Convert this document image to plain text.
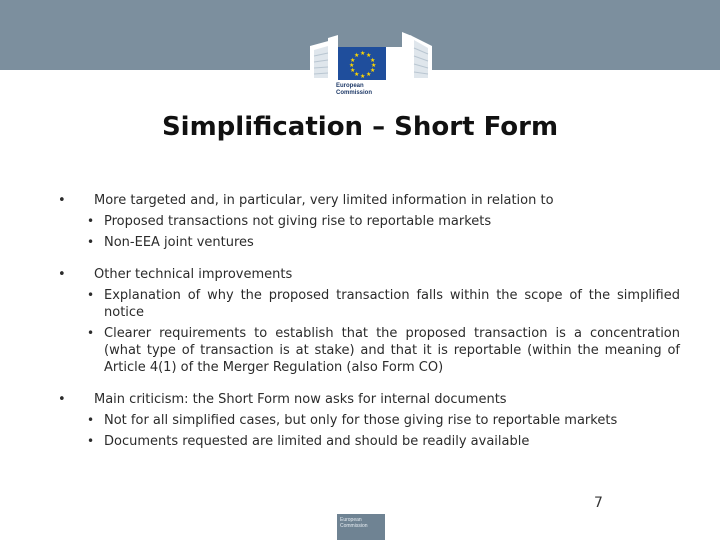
★ ★
★
★
★
★
★
★
★
★
★
★
European
Commission
Simplification – Short Form
•	More targeted and, in particular, very limited information in relation to
• Proposed transactions not giving rise to reportable markets
• Non-EEA joint ventures
•	Other technical improvements
• Explanation of why the proposed transaction falls within the scope of the simplified notice
• Clearer requirements to establish that the proposed transaction is a concentration (what type of transaction is at stake) and that it is reportable (within the meaning of Article 4(1) of the Merger Regulation (also Form CO)
•	Main criticism: the Short Form now asks for internal documents
• Not for all simplified cases, but only for those giving rise to reportable markets
• Documents requested are limited and should be readily available
7
European Commission
